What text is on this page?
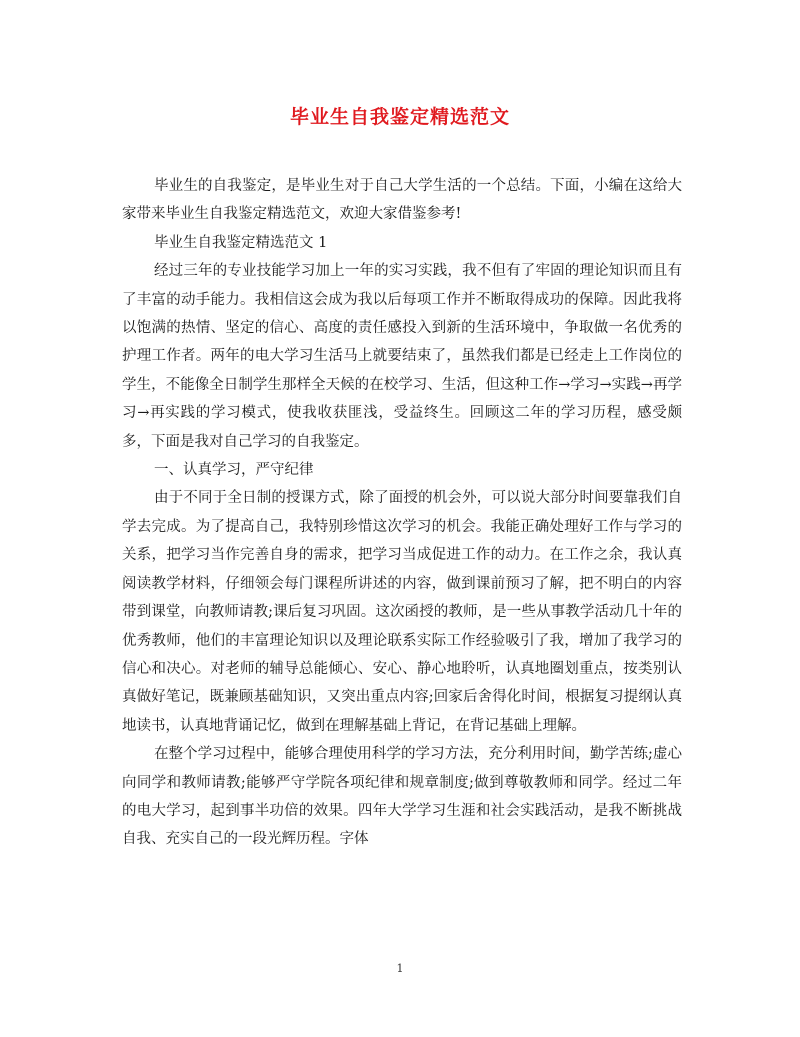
毕业生自我鉴定精选范文

毕业生的自我鉴定，是毕业生对于自己大学生活的一个总结。下面，小编在这给大家带来毕业生自我鉴定精选范文，欢迎大家借鉴参考!

毕业生自我鉴定精选范文 1

经过三年的专业技能学习加上一年的实习实践，我不但有了牢固的理论知识而且有了丰富的动手能力。我相信这会成为我以后每项工作并不断取得成功的保障。因此我将以饱满的热情、坚定的信心、高度的责任感投入到新的生活环境中，争取做一名优秀的护理工作者。两年的电大学习生活马上就要结束了，虽然我们都是已经走上工作岗位的学生，不能像全日制学生那样全天候的在校学习、生活，但这种工作→学习→实践→再学习→再实践的学习模式，使我收获匪浅，受益终生。回顾这二年的学习历程，感受颇多，下面是我对自己学习的自我鉴定。

一、认真学习，严守纪律

由于不同于全日制的授课方式，除了面授的机会外，可以说大部分时间要靠我们自学去完成。为了提高自己，我特别珍惜这次学习的机会。我能正确处理好工作与学习的关系，把学习当作完善自身的需求，把学习当成促进工作的动力。在工作之余，我认真阅读教学材料，仔细领会每门课程所讲述的内容，做到课前预习了解，把不明白的内容带到课堂，向教师请教;课后复习巩固。这次函授的教师，是一些从事教学活动几十年的优秀教师，他们的丰富理论知识以及理论联系实际工作经验吸引了我，增加了我学习的信心和决心。对老师的辅导总能倾心、安心、静心地聆听，认真地圈划重点，按类别认真做好笔记，既兼顾基础知识，又突出重点内容;回家后舍得化时间，根据复习提纲认真地读书，认真地背诵记忆，做到在理解基础上背记，在背记基础上理解。

在整个学习过程中，能够合理使用科学的学习方法，充分利用时间，勤学苦练;虚心向同学和教师请教;能够严守学院各项纪律和规章制度;做到尊敬教师和同学。经过二年的电大学习，起到事半功倍的效果。四年大学学习生涯和社会实践活动，是我不断挑战自我、充实自己的一段光辉历程。字体

1
